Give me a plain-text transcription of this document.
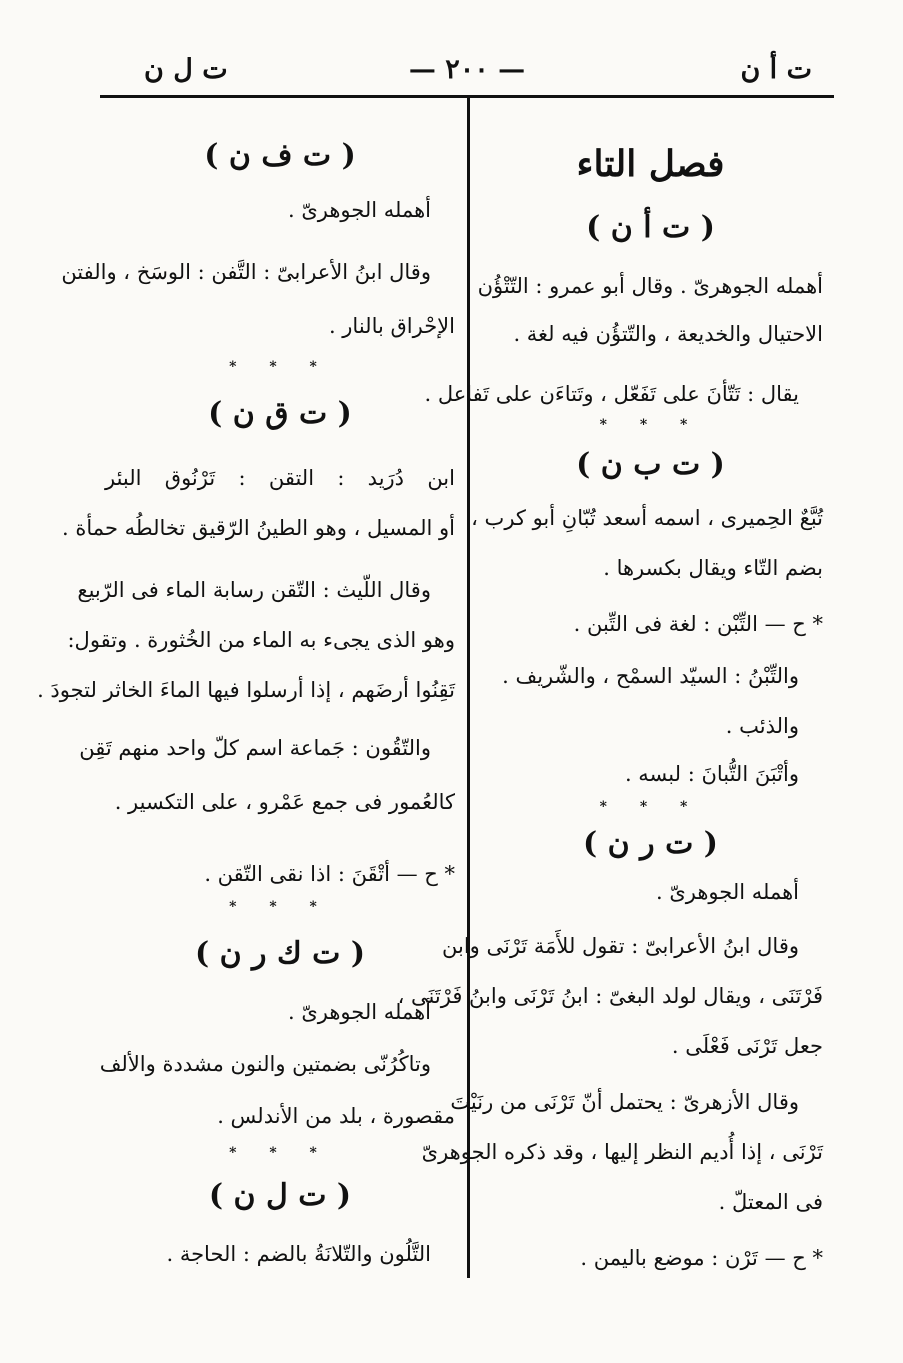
ت أ ن
— ٢٠٠ —
ت ل ن
فصل التاء
( ت أ ن )
أهمله الجوهرىّ . وقال أبو عمرو : التّتْؤُن
الاحتيال والخديعة ، والتّتؤُن فيه لغة .
يقال : تَتّأنَ على تَفَعّل ، وتَتاءَن على تَفاعل .
* * *
( ت ب ن )
تُبَّعٌ الحِميرى ، اسمه أسعد تُبّانِ أبو كرب ،
بضم التّاء ويقال بكسرها .
* ح — التِّبْن : لغة فى التِّبن .
والتِّبْنُ : السيّد السمْح ، والشّريف .
والذئب .
وأتْبَنَ التُّبانَ : لبسه .
* * *
( ت ر ن )
أهمله الجوهرىّ .
وقال ابنُ الأعرابىّ : تقول للأَمَة تَرْنَى وابن
فَرْتَنَى ، ويقال لولد البغىّ : ابنُ تَرْنَى وابنُ فَرْتَنَى ،
جعل تَرْنَى فَعْلَى .
وقال الأزهرىّ : يحتمل أنّ تَرْنَى من رنَيْتَ
تَرْنَى ، إذا أُديم النظر إليها ، وقد ذكره الجوهرىّ
فى المعتلّ .
* ح — تَرْن : موضع باليمن .
( ت ف ن )
أهمله الجوهرىّ .
وقال ابنُ الأعرابىّ : التَّفن : الوسَخ ، والفتن
الإحْراق بالنار .
* * *
( ت ق ن )
ابن دُرَيد : التقن : تَرْنُوق البئر
أو المسيل ، وهو الطينُ الرّقيق تخالطُه حمأة .
وقال اللّيث : التّقن رسابة الماء فى الرّبيع
وهو الذى يجىء به الماء من الخُثورة . وتقول:
تَقِنُوا أرضَهم ، إذا أرسلوا فيها الماءَ الخاثر لتجودَ .
والتّقُون : جَماعة اسم كلّ واحد منهم تَقِن
كالعُمور فى جمع عَمْرو ، على التكسير .
* ح — أتْقَنَ : اذا نقى التّقن .
* * *
( ت ك ر ن )
أهمله الجوهرىّ .
وتاكُرُنّى بضمتين والنون مشددة والألف
مقصورة ، بلد من الأندلس .
* * *
( ت ل ن )
التَّلُون والتّلانَةُ بالضم : الحاجة .
